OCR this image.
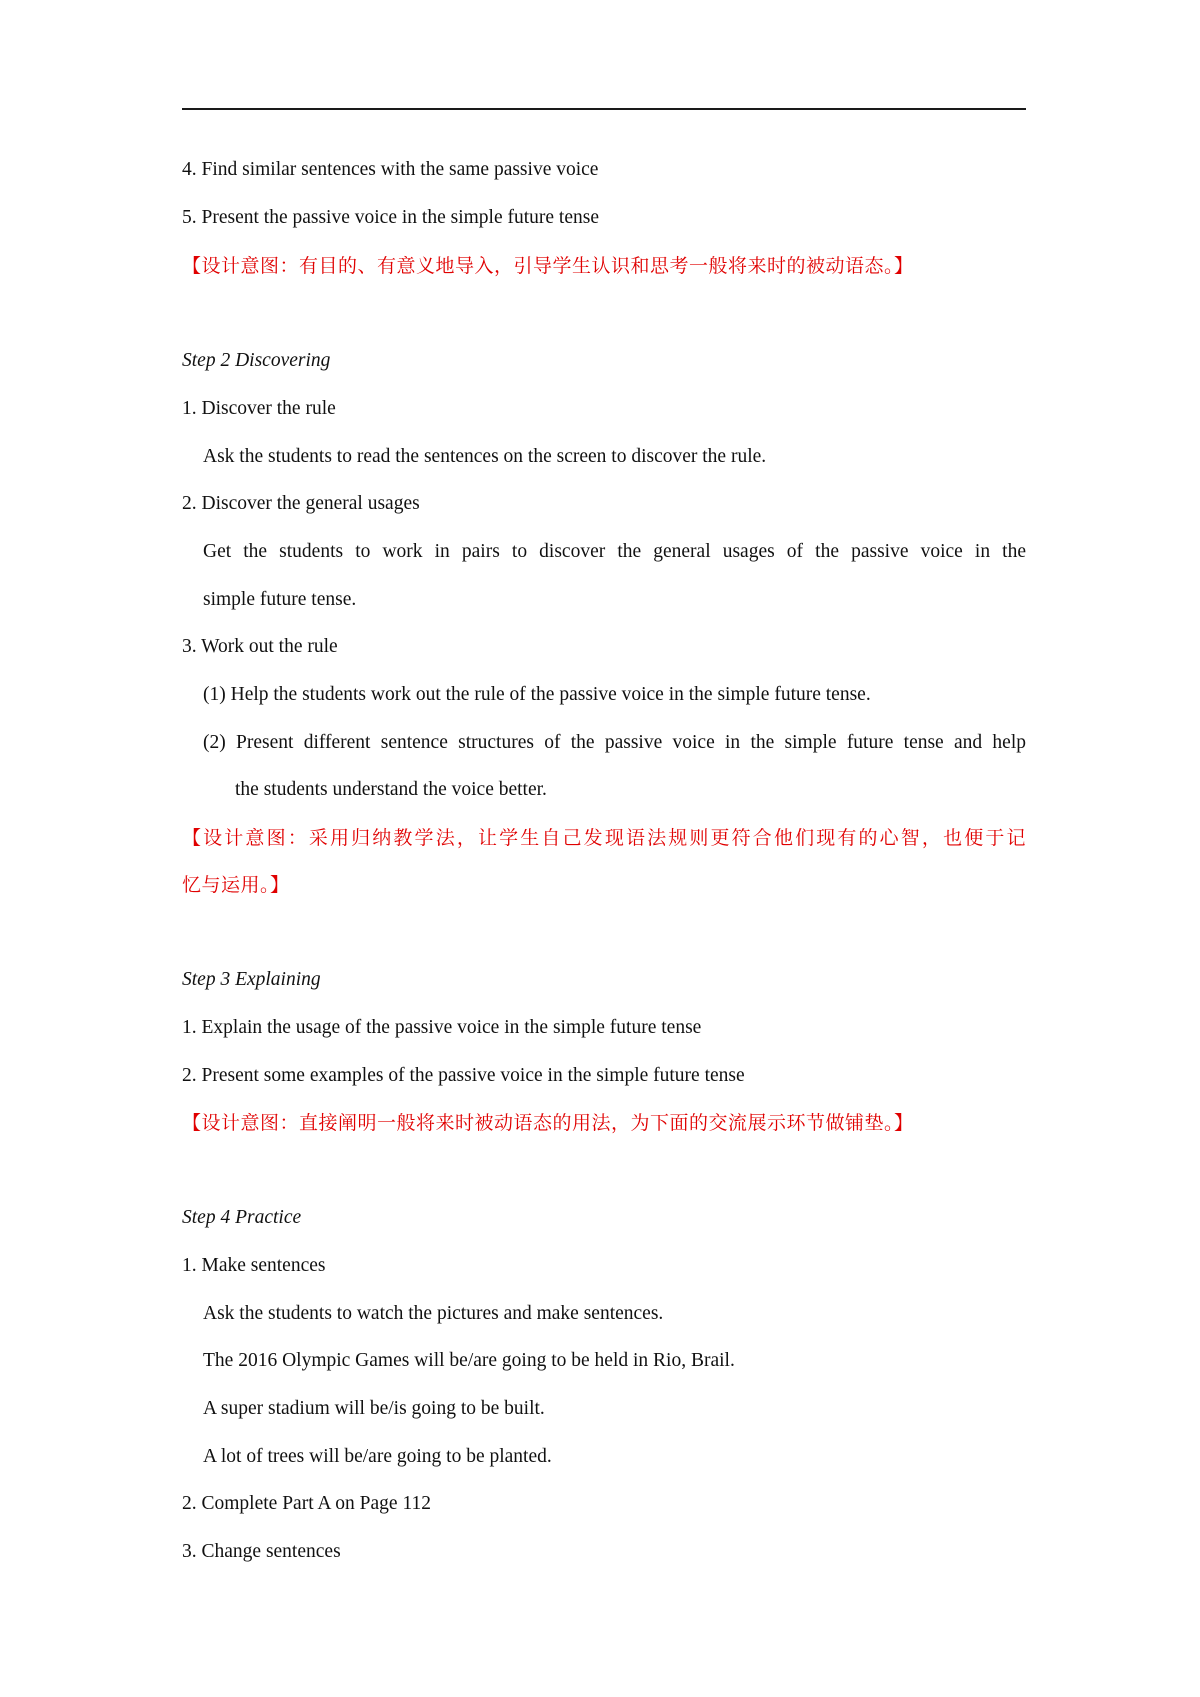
4. Find similar sentences with the same passive voice
5. Present the passive voice in the simple future tense
【设计意图：有目的、有意义地导入，引导学生认识和思考一般将来时的被动语态。】
Step 2 Discovering
1. Discover the rule
Ask the students to read the sentences on the screen to discover the rule.
2. Discover the general usages
Get the students to work in pairs to discover the general usages of the passive voice in the
simple future tense.
3. Work out the rule
(1) Help the students work out the rule of the passive voice in the simple future tense.
(2) Present different sentence structures of the passive voice in the simple future tense and help
the students understand the voice better.
【设计意图：采用归纳教学法，让学生自己发现语法规则更符合他们现有的心智，也便于记
忆与运用。】
Step 3 Explaining
1. Explain the usage of the passive voice in the simple future tense
2. Present some examples of the passive voice in the simple future tense
【设计意图：直接阐明一般将来时被动语态的用法，为下面的交流展示环节做铺垫。】
Step 4 Practice
1. Make sentences
Ask the students to watch the pictures and make sentences.
The 2016 Olympic Games will be/are going to be held in Rio, Brail.
A super stadium will be/is going to be built.
A lot of trees will be/are going to be planted.
2. Complete Part A on Page 112
3. Change sentences
